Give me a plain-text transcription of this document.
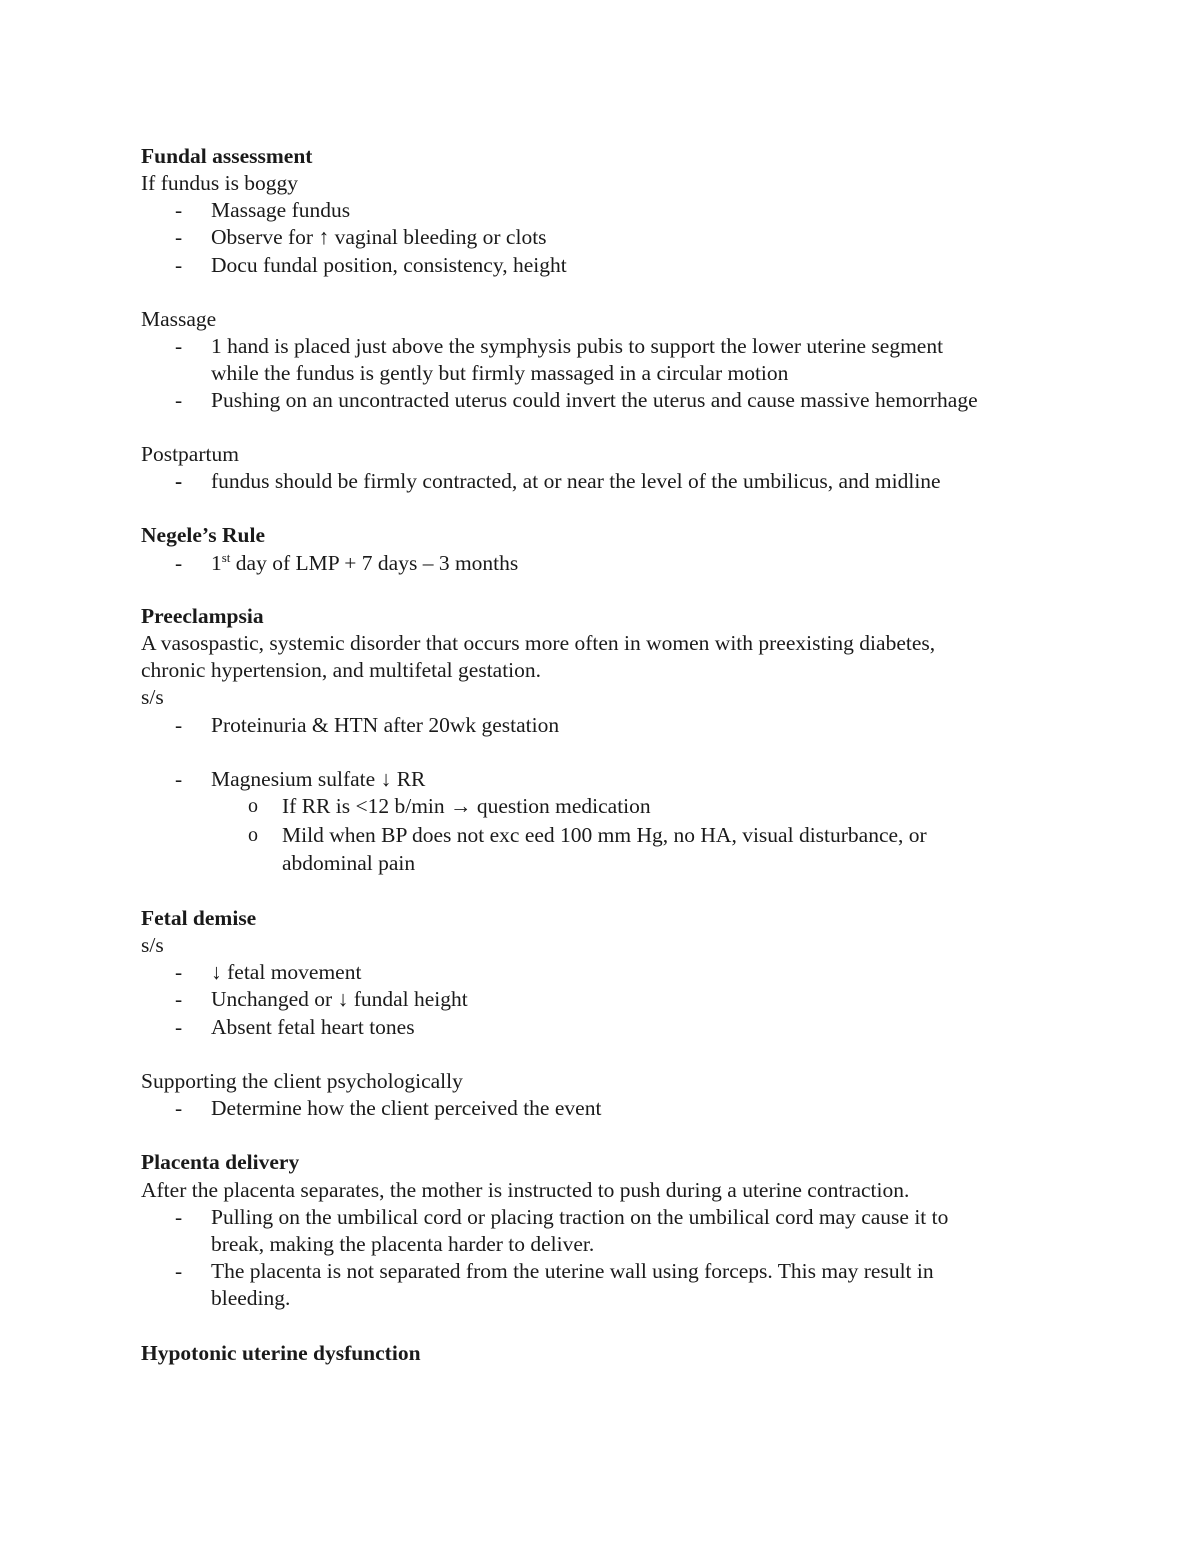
Fundal assessment
If fundus is boggy
- Massage fundus
- Observe for ↑ vaginal bleeding or clots
- Docu fundal position, consistency, height
Massage
- 1 hand is placed just above the symphysis pubis to support the lower uterine segment
while the fundus is gently but firmly massaged in a circular motion
- Pushing on an uncontracted uterus could invert the uterus and cause massive hemorrhage
Postpartum
- fundus should be firmly contracted, at or near the level of the umbilicus, and midline
Negele’s Rule
- 1st day of LMP + 7 days – 3 months
Preeclampsia
A vasospastic, systemic disorder that occurs more often in women with preexisting diabetes,
chronic hypertension, and multifetal gestation.
s/s
- Proteinuria & HTN after 20wk gestation
- Magnesium sulfate ↓ RR
o If RR is <12 b/min → question medication
o Mild when BP does not exc eed 100 mm Hg, no HA, visual disturbance, or
abdominal pain
Fetal demise
s/s
- ↓ fetal movement
- Unchanged or ↓ fundal height
- Absent fetal heart tones
Supporting the client psychologically
- Determine how the client perceived the event
Placenta delivery
After the placenta separates, the mother is instructed to push during a uterine contraction.
- Pulling on the umbilical cord or placing traction on the umbilical cord may cause it to
break, making the placenta harder to deliver.
- The placenta is not separated from the uterine wall using forceps. This may result in
bleeding.
Hypotonic uterine dysfunction
